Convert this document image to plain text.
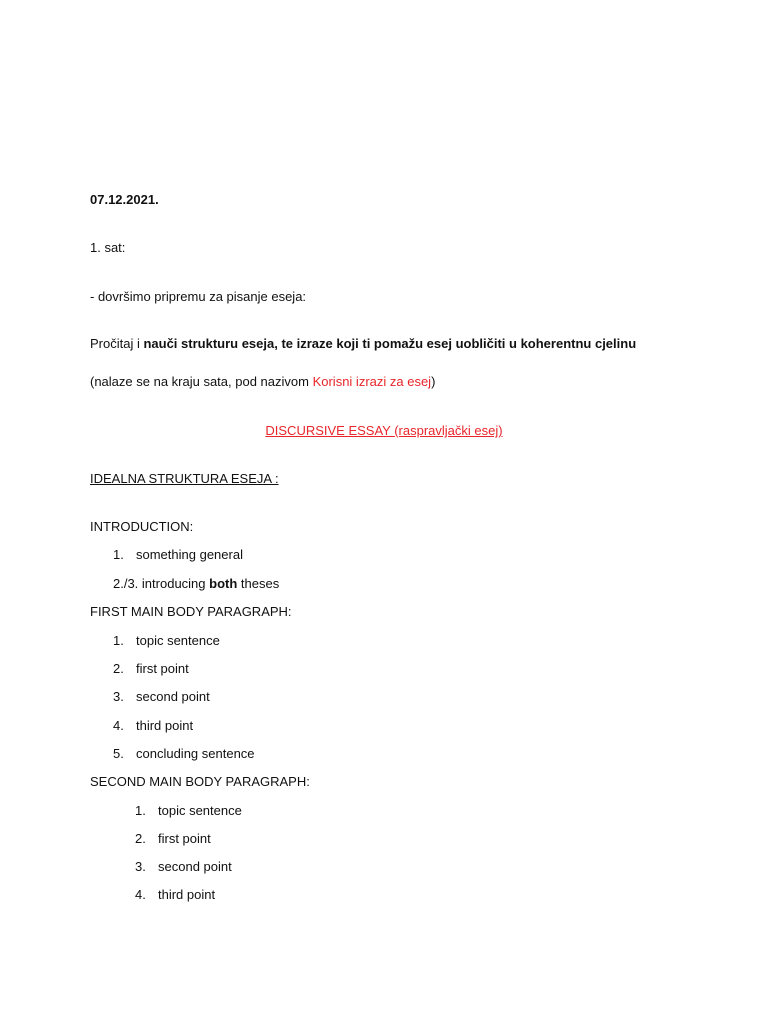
07.12.2021.
1. sat:
- dovršimo pripremu za pisanje eseja:
Pročitaj i nauči strukturu eseja, te izraze koji ti pomažu esej uobličiti u koherentnu cjelinu
(nalaze se na kraju sata, pod nazivom Korisni izrazi za esej)
DISCURSIVE ESSAY (raspravljački esej)
IDEALNA STRUKTURA ESEJA :
INTRODUCTION:
1. something general
2./3. introducing both theses
FIRST MAIN BODY PARAGRAPH:
1. topic sentence
2. first point
3. second point
4. third point
5. concluding sentence
SECOND MAIN BODY PARAGRAPH:
1. topic sentence
2. first point
3. second point
4. third point
